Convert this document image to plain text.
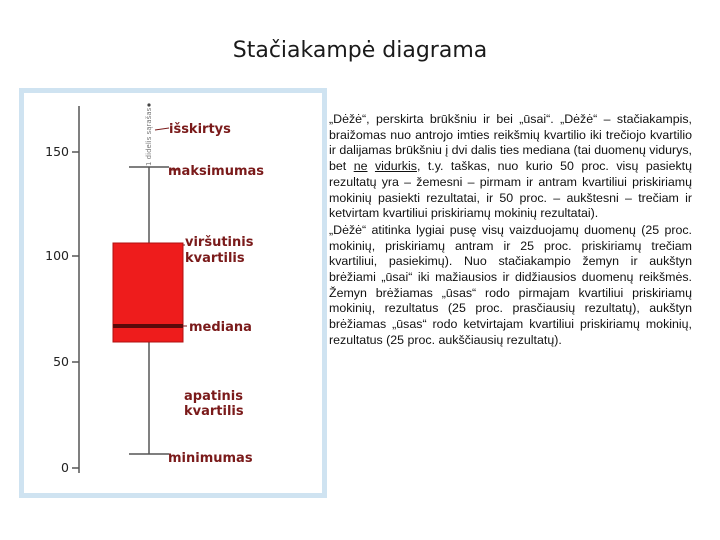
Stačiakampė diagrama
0
50
100
150	1 didelis sąrašas išskirtys
maksimumas
viršutinis
kvartilis
mediana
apatinis
kvartilis
minimumas

„Dėžė“, perskirta brūkšniu ir bei „ūsai“. „Dėžė“ – stačiakampis, braižomas nuo antrojo imties reikšmių kvartilio iki trečiojo kvartilio ir dalijamas brūkšniu į dvi dalis ties mediana (tai duomenų vidurys, bet ne vidurkis, t.y. taškas, nuo kurio 50 proc. visų pasiektų rezultatų yra – žemesni – pirmam ir antram kvartiliui priskiriamų mokinių pasiekti rezultatai, ir 50 proc. – aukštesni – trečiam ir ketvirtam kvartiliui priskiriamų mokinių rezultatai).

„Dėžė“ atitinka lygiai pusę visų vaizduojamų duomenų (25 proc. mokinių, priskiriamų antram ir 25 proc. priskiriamų trečiam kvartiliui, pasiekimų). Nuo stačiakampio žemyn ir aukštyn brėžiami „ūsai“ iki mažiausios ir didžiausios duomenų reikšmės. Žemyn brėžiamas „ūsas“ rodo pirmajam kvartiliui priskiriamų mokinių, rezultatus (25 proc. prasčiausių rezultatų), aukštyn brėžiamas „ūsas“ rodo ketvirtajam kvartiliui priskiriamų mokinių, rezultatus (25 proc. aukščiausių rezultatų).
